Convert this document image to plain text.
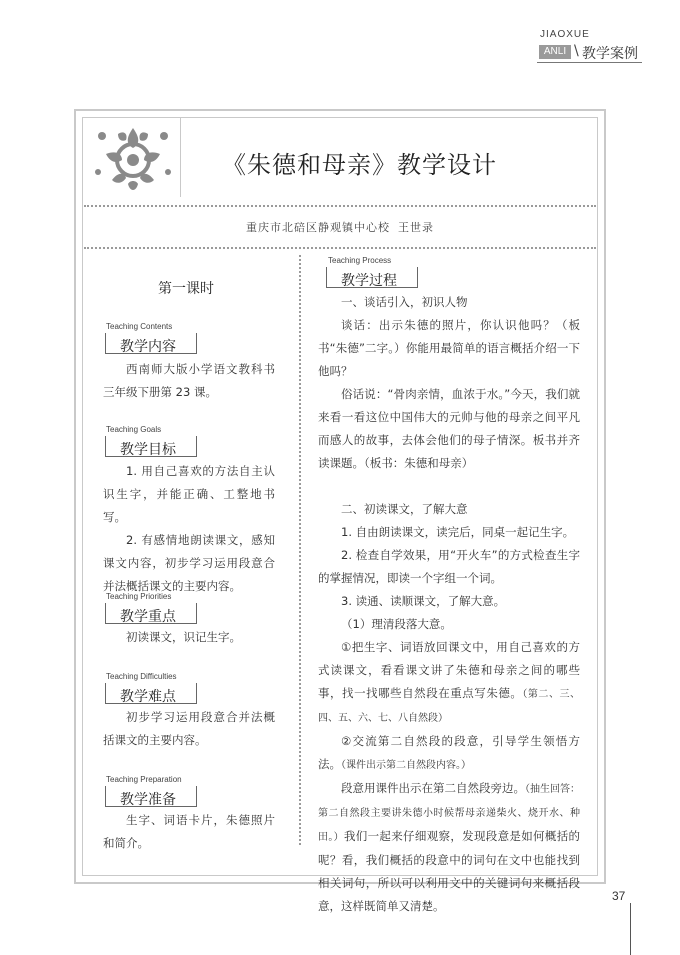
JIAOXUE
ANLI \ 教学案例
《朱德和母亲》教学设计
重庆市北碚区静观镇中心校 王世录
第一课时
Teaching Contents
教学内容

西南师大版小学语文教科书三年级下册第 23 课。

Teaching Goals
教学目标

1. 用自己喜欢的方法自主认识生字，并能正确、工整地书写。

2. 有感情地朗读课文，感知课文内容，初步学习运用段意合并法概括课文的主要内容。

Teaching Priorities
教学重点

初读课文，识记生字。

Teaching Difficulties
教学难点

初步学习运用段意合并法概括课文的主要内容。

Teaching Preparation
教学准备

生字、词语卡片，朱德照片和简介。

Teaching Process
教学过程

一、谈话引入，初识人物

谈话：出示朱德的照片，你认识他吗？（板书“朱德”二字。）你能用最简单的语言概括介绍一下他吗？

俗话说：“骨肉亲情，血浓于水。”今天，我们就来看一看这位中国伟大的元帅与他的母亲之间平凡而感人的故事，去体会他们的母子情深。板书并齐读课题。（板书：朱德和母亲）

二、初读课文，了解大意

1. 自由朗读课文，读完后，同桌一起记生字。

2. 检查自学效果，用“开火车”的方式检查生字的掌握情况，即读一个字组一个词。

3. 读通、读顺课文，了解大意。

（1）理清段落大意。

①把生字、词语放回课文中，用自己喜欢的方式读课文，看看课文讲了朱德和母亲之间的哪些事，找一找哪些自然段在重点写朱德。（第二、三、四、五、六、七、八自然段）

②交流第二自然段的段意，引导学生领悟方法。（课件出示第二自然段内容。）

段意用课件出示在第二自然段旁边。（抽生回答：第二自然段主要讲朱德小时候帮母亲递柴火、烧开水、种田。）我们一起来仔细观察，发现段意是如何概括的呢？看，我们概括的段意中的词句在文中也能找到相关词句，所以可以利用文中的关键词句来概括段意，这样既简单又清楚。

37
